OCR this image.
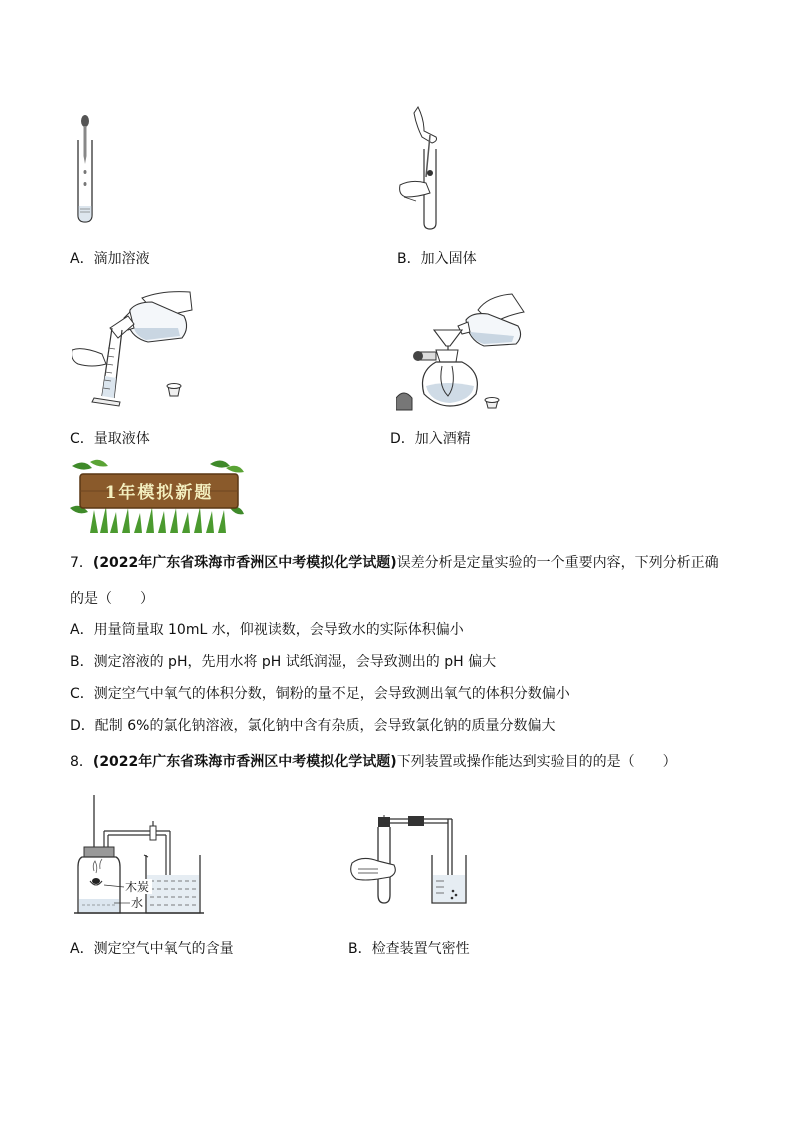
A．滴加溶液	B．加入固体
C．量取液体	D．加入酒精
1年模拟新题
7．(2022年广东省珠海市香洲区中考模拟化学试题)误差分析是定量实验的一个重要内容，下列分析正确
的是（　　）
A．用量筒量取 10mL 水，仰视读数，会导致水的实际体积偏小
B．测定溶液的 pH，先用水将 pH 试纸润湿，会导致测出的 pH 偏大
C．测定空气中氧气的体积分数，铜粉的量不足，会导致测出氧气的体积分数偏小
D．配制 6%的氯化钠溶液，氯化钠中含有杂质，会导致氯化钠的质量分数偏大
8．(2022年广东省珠海市香洲区中考模拟化学试题)下列装置或操作能达到实验目的的是（　　）
木炭
水
A．测定空气中氧气的含量	B．检查装置气密性
